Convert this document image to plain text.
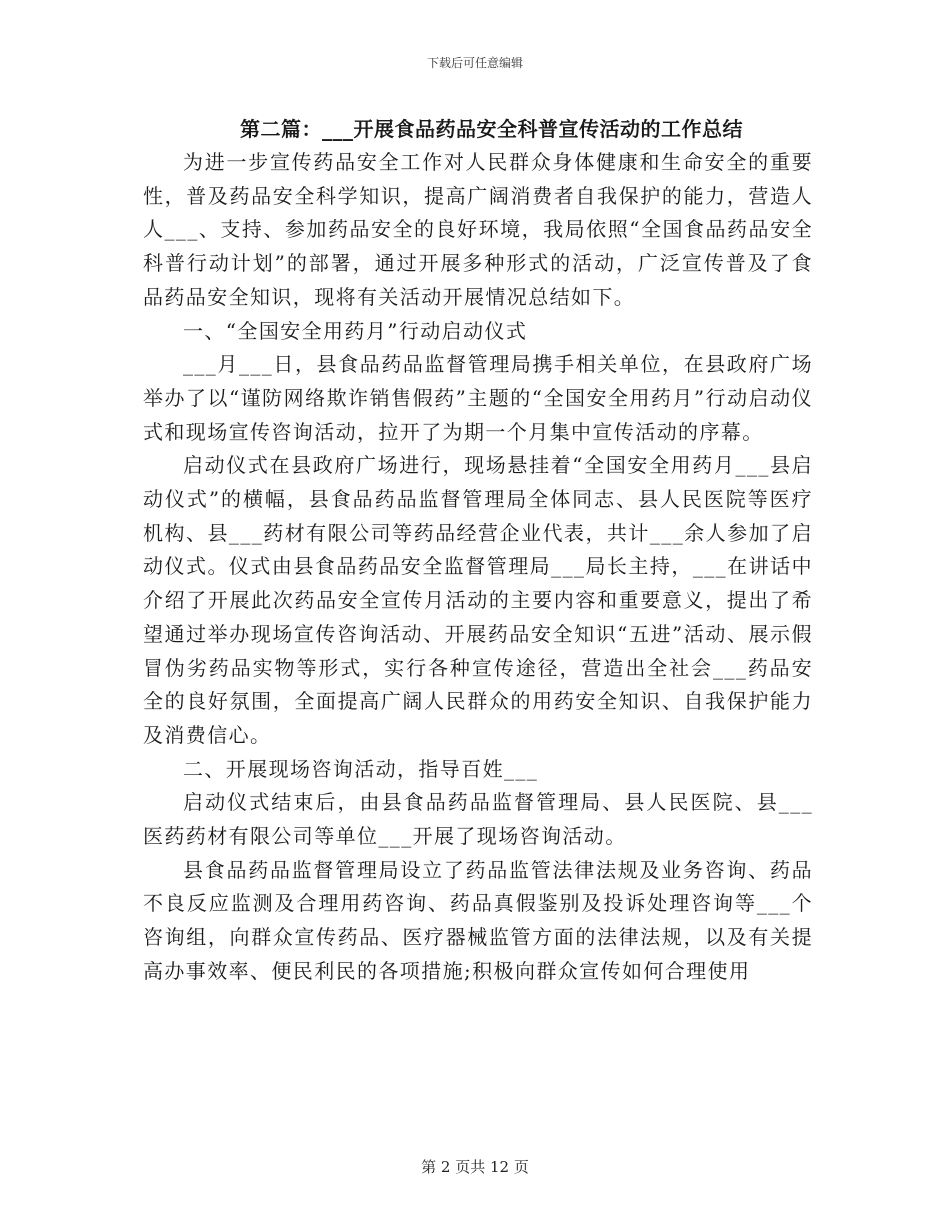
下载后可任意编辑
第二篇：___开展食品药品安全科普宣传活动的工作总结

为进一步宣传药品安全工作对人民群众身体健康和生命安全的重要性，普及药品安全科学知识，提高广阔消费者自我保护的能力，营造人人___、支持、参加药品安全的良好环境，我局依照“全国食品药品安全科普行动计划”的部署，通过开展多种形式的活动，广泛宣传普及了食品药品安全知识，现将有关活动开展情况总结如下。

一、“全国安全用药月”行动启动仪式

___月___日，县食品药品监督管理局携手相关单位，在县政府广场举办了以“谨防网络欺诈销售假药”主题的“全国安全用药月”行动启动仪式和现场宣传咨询活动，拉开了为期一个月集中宣传活动的序幕。

启动仪式在县政府广场进行，现场悬挂着“全国安全用药月___县启动仪式”的横幅，县食品药品监督管理局全体同志、县人民医院等医疗机构、县___药材有限公司等药品经营企业代表，共计___余人参加了启动仪式。仪式由县食品药品安全监督管理局___局长主持，___在讲话中介绍了开展此次药品安全宣传月活动的主要内容和重要意义，提出了希望通过举办现场宣传咨询活动、开展药品安全知识“五进”活动、展示假冒伪劣药品实物等形式，实行各种宣传途径，营造出全社会___药品安全的良好氛围，全面提高广阔人民群众的用药安全知识、自我保护能力及消费信心。

二、开展现场咨询活动，指导百姓___

启动仪式结束后，由县食品药品监督管理局、县人民医院、县___医药药材有限公司等单位___开展了现场咨询活动。

县食品药品监督管理局设立了药品监管法律法规及业务咨询、药品不良反应监测及合理用药咨询、药品真假鉴别及投诉处理咨询等___个咨询组，向群众宣传药品、医疗器械监管方面的法律法规，以及有关提高办事效率、便民利民的各项措施;积极向群众宣传如何合理使用

第 2 页共 12 页
